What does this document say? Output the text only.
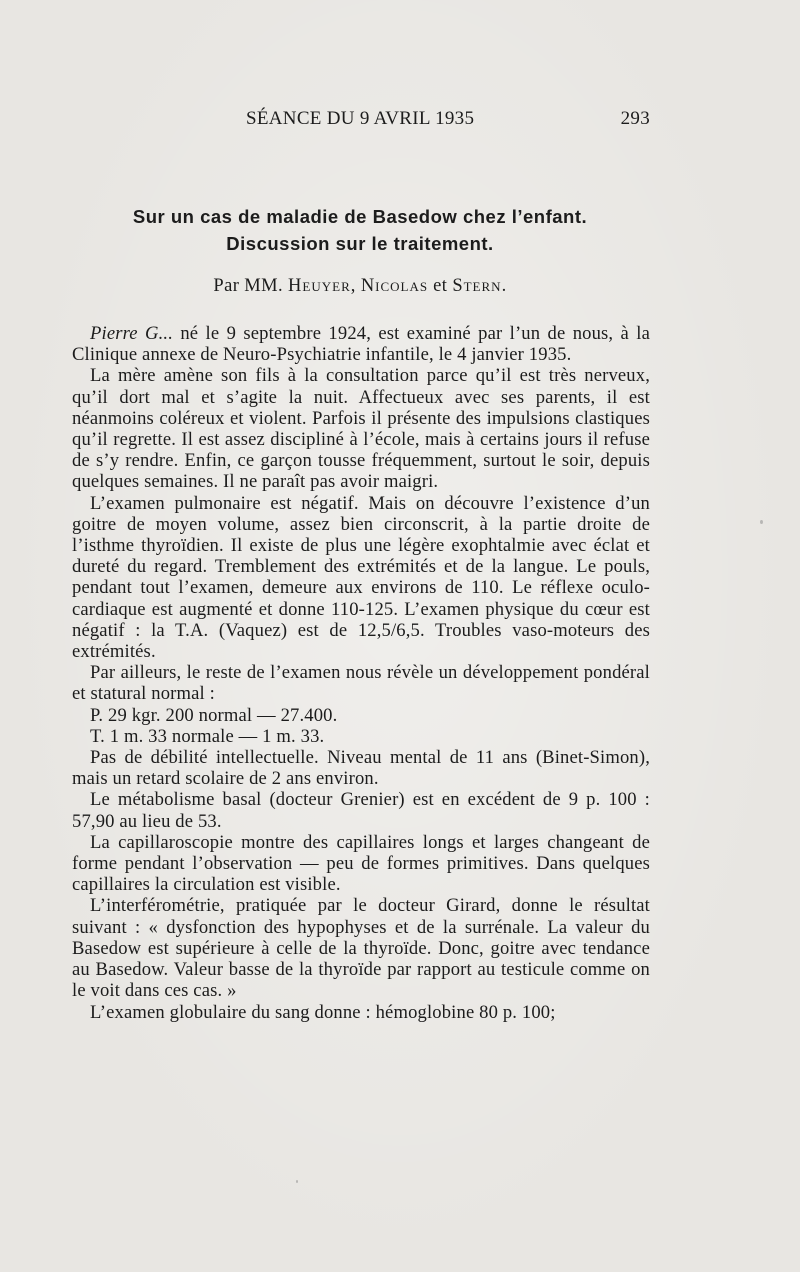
SÉANCE DU 9 AVRIL 1935	293
Sur un cas de maladie de Basedow chez l’enfant.
Discussion sur le traitement.
Par MM. Heuyer, Nicolas et Stern.

Pierre G... né le 9 septembre 1924, est examiné par l’un de nous, à la Clinique annexe de Neuro-Psychiatrie infantile, le 4 janvier 1935.

La mère amène son fils à la consultation parce qu’il est très nerveux, qu’il dort mal et s’agite la nuit. Affectueux avec ses parents, il est néanmoins coléreux et violent. Parfois il présente des impulsions clastiques qu’il regrette. Il est assez discipliné à l’école, mais à certains jours il refuse de s’y rendre. Enfin, ce garçon tousse fréquemment, surtout le soir, depuis quelques semaines. Il ne paraît pas avoir maigri.

L’examen pulmonaire est négatif. Mais on découvre l’existence d’un goitre de moyen volume, assez bien circonscrit, à la partie droite de l’isthme thyroïdien. Il existe de plus une légère exophtalmie avec éclat et dureté du regard. Tremblement des extrémités et de la langue. Le pouls, pendant tout l’examen, demeure aux environs de 110. Le réflexe oculo-cardiaque est augmenté et donne 110-125. L’examen physique du cœur est négatif : la T.A. (Vaquez) est de 12,5/6,5. Troubles vaso-moteurs des extrémités.

Par ailleurs, le reste de l’examen nous révèle un développement pondéral et statural normal :

P. 29 kgr. 200 normal — 27.400.

T. 1 m. 33 normale — 1 m. 33.

Pas de débilité intellectuelle. Niveau mental de 11 ans (Binet-Simon), mais un retard scolaire de 2 ans environ.

Le métabolisme basal (docteur Grenier) est en excédent de 9 p. 100 : 57,90 au lieu de 53.

La capillaroscopie montre des capillaires longs et larges changeant de forme pendant l’observation — peu de formes primitives. Dans quelques capillaires la circulation est visible.

L’interférométrie, pratiquée par le docteur Girard, donne le résultat suivant : « dysfonction des hypophyses et de la surrénale. La valeur du Basedow est supérieure à celle de la thyroïde. Donc, goitre avec tendance au Basedow. Valeur basse de la thyroïde par rapport au testicule comme on le voit dans ces cas. »

L’examen globulaire du sang donne : hémoglobine 80 p. 100;
